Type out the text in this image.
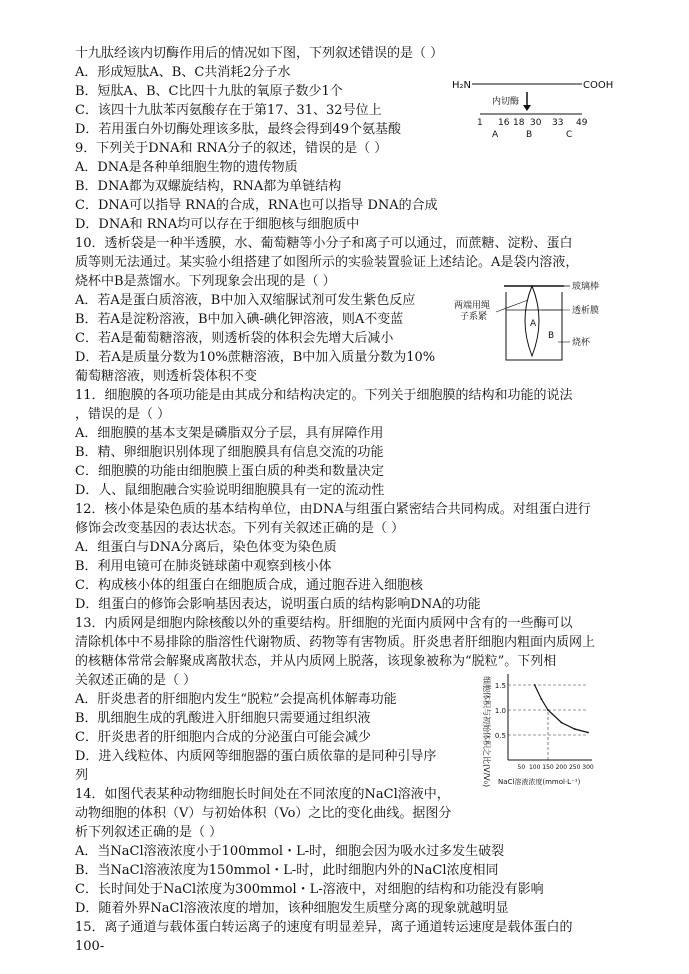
十九肽经该内切酶作用后的情况如下图，下列叙述错误的是（ ）
A．形成短肽A、B、C共消耗2分子水
B．短肽A、B、C比四十九肽的氧原子数少1个
C．该四十九肽苯丙氨酸存在于第17、31、32号位上
D．若用蛋白外切酶处理该多肽，最终会得到49个氨基酸
9．下列关于DNA和 RNA分子的叙述，错误的是（ ）
A．DNA是各种单细胞生物的遗传物质
B．DNA都为双螺旋结构，RNA都为单链结构
C．DNA可以指导 RNA的合成，RNA也可以指导 DNA的合成
D．DNA和 RNA均可以存在于细胞核与细胞质中
10．透析袋是一种半透膜，水、葡萄糖等小分子和离子可以通过，而蔗糖、淀粉、蛋白
质等则无法通过。某实验小组搭建了如图所示的实验装置验证上述结论。A是袋内溶液，
烧杯中B是蒸馏水。下列现象会出现的是（ ）
A．若A是蛋白质溶液，B中加入双缩脲试剂可发生紫色反应
B．若A是淀粉溶液，B中加入碘-碘化钾溶液，则A不变蓝
C．若A是葡萄糖溶液，则透析袋的体积会先增大后减小
D．若A是质量分数为10%蔗糖溶液，B中加入质量分数为10%
葡萄糖溶液，则透析袋体积不变
11．细胞膜的各项功能是由其成分和结构决定的。下列关于细胞膜的结构和功能的说法
，错误的是（ ）
A．细胞膜的基本支架是磷脂双分子层，具有屏障作用
B．精、卵细胞识别体现了细胞膜具有信息交流的功能
C．细胞膜的功能由细胞膜上蛋白质的种类和数量决定
D．人、鼠细胞融合实验说明细胞膜具有一定的流动性
12．核小体是染色质的基本结构单位，由DNA与组蛋白紧密结合共同构成。对组蛋白进行
修饰会改变基因的表达状态。下列有关叙述正确的是（ ）
A．组蛋白与DNA分离后，染色体变为染色质
B．利用电镜可在肺炎链球菌中观察到核小体
C．构成核小体的组蛋白在细胞质合成，通过胞吞进入细胞核
D．组蛋白的修饰会影响基因表达，说明蛋白质的结构影响DNA的功能
13．内质网是细胞内除核酸以外的重要结构。肝细胞的光面内质网中含有的一些酶可以
清除机体中不易排除的脂溶性代谢物质、药物等有害物质。肝炎患者肝细胞内粗面内质网上
的核糖体常常会解聚成离散状态，并从内质网上脱落，该现象被称为“脱粒”。下列相
关叙述正确的是（ ）
A．肝炎患者的肝细胞内发生“脱粒”会提高机体解毒功能
B．肌细胞生成的乳酸进入肝细胞只需要通过组织液
C．肝炎患者的肝细胞内合成的分泌蛋白可能会减少
D．进入线粒体、内质网等细胞器的蛋白质依靠的是同种引导序
列
14．如图代表某种动物细胞长时间处在不同浓度的NaCl溶液中，
动物细胞的体积（V）与初始体积（Vo）之比的变化曲线。据图分
析下列叙述正确的是（ ）
A．当NaCl溶液浓度小于100mmol・L-时，细胞会因为吸水过多发生破裂
B．当NaCl溶液浓度为150mmol・L-时，此时细胞内外的NaCl浓度相同
C．长时间处于NaCl浓度为300mmol・L-溶液中，对细胞的结构和功能没有影响
D．随着外界NaCl溶液浓度的增加，该种细胞发生质壁分离的现象就越明显
15．离子通道与载体蛋白转运离子的速度有明显差异，离子通道转运速度是载体蛋白的
100-
H₂N	COOH
内切酶
1 16 18 30 33 49
A	B	C
玻璃棒
两端用绳
子系紧
透析膜
烧杯
A
B
细胞体积与初始体积之比(V/V₀) NaCl溶液浓度(mmol·L⁻¹)
1.5
1.0
0.5
50 100 150 200 250 300
